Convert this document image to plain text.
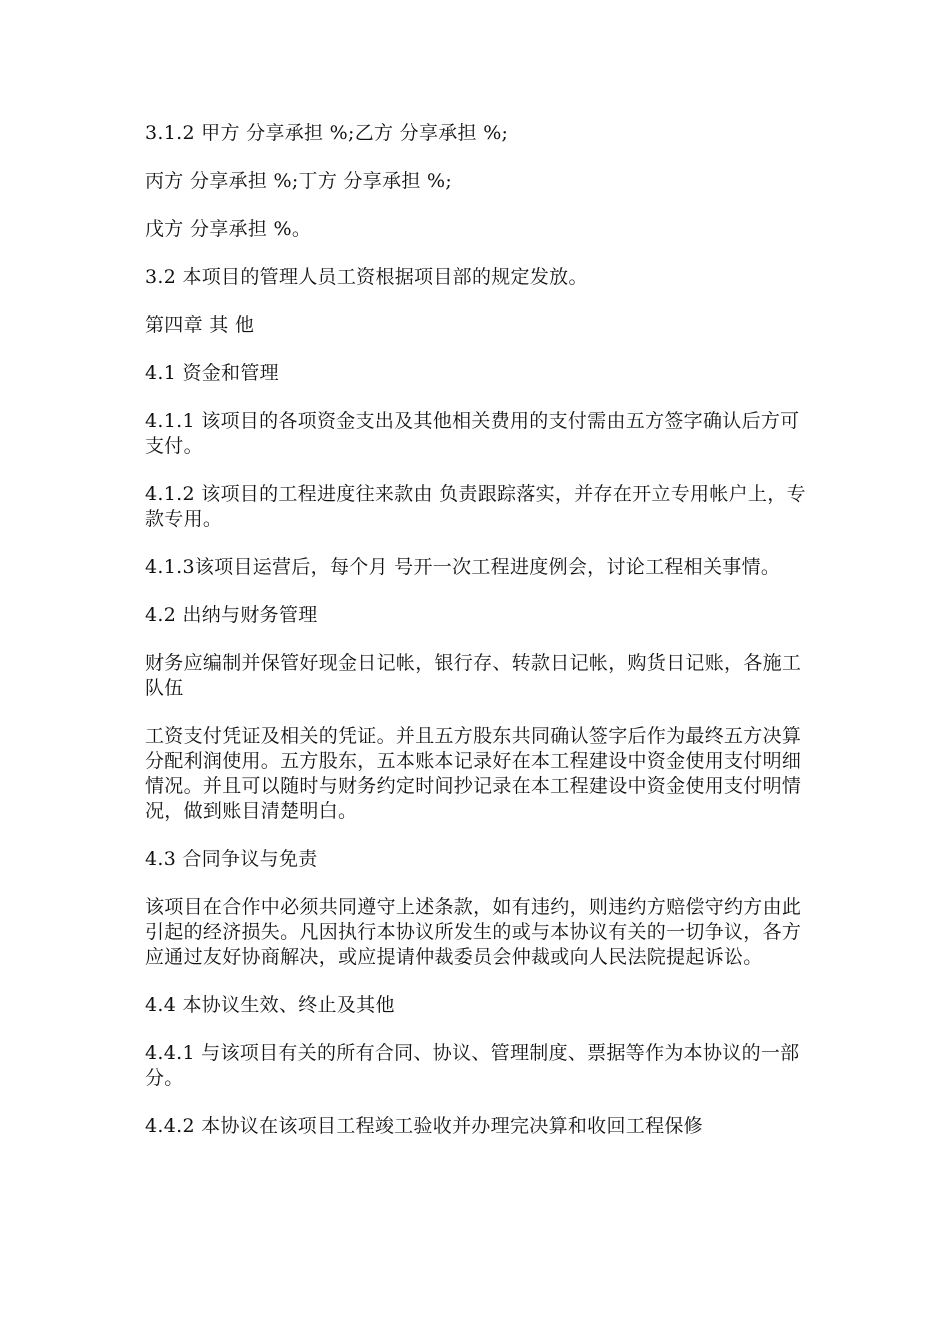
3.1.2 甲方 分享承担 %;乙方 分享承担 %;

丙方 分享承担 %;丁方 分享承担 %;

戊方 分享承担 %。

3.2 本项目的管理人员工资根据项目部的规定发放。

第四章 其 他

4.1 资金和管理

4.1.1 该项目的各项资金支出及其他相关费用的支付需由五方签字确认后方可支付。

4.1.2 该项目的工程进度往来款由 负责跟踪落实，并存在开立专用帐户上，专款专用。

4.1.3该项目运营后，每个月 号开一次工程进度例会，讨论工程相关事情。

4.2 出纳与财务管理

财务应编制并保管好现金日记帐，银行存、转款日记帐，购货日记账，各施工队伍

工资支付凭证及相关的凭证。并且五方股东共同确认签字后作为最终五方决算分配利润使用。五方股东，五本账本记录好在本工程建设中资金使用支付明细情况。并且可以随时与财务约定时间抄记录在本工程建设中资金使用支付明情况，做到账目清楚明白。

4.3 合同争议与免责

该项目在合作中必须共同遵守上述条款，如有违约，则违约方赔偿守约方由此引起的经济损失。凡因执行本协议所发生的或与本协议有关的一切争议，各方应通过友好协商解决，或应提请仲裁委员会仲裁或向人民法院提起诉讼。

4.4 本协议生效、终止及其他

4.4.1 与该项目有关的所有合同、协议、管理制度、票据等作为本协议的一部分。

4.4.2 本协议在该项目工程竣工验收并办理完决算和收回工程保修
